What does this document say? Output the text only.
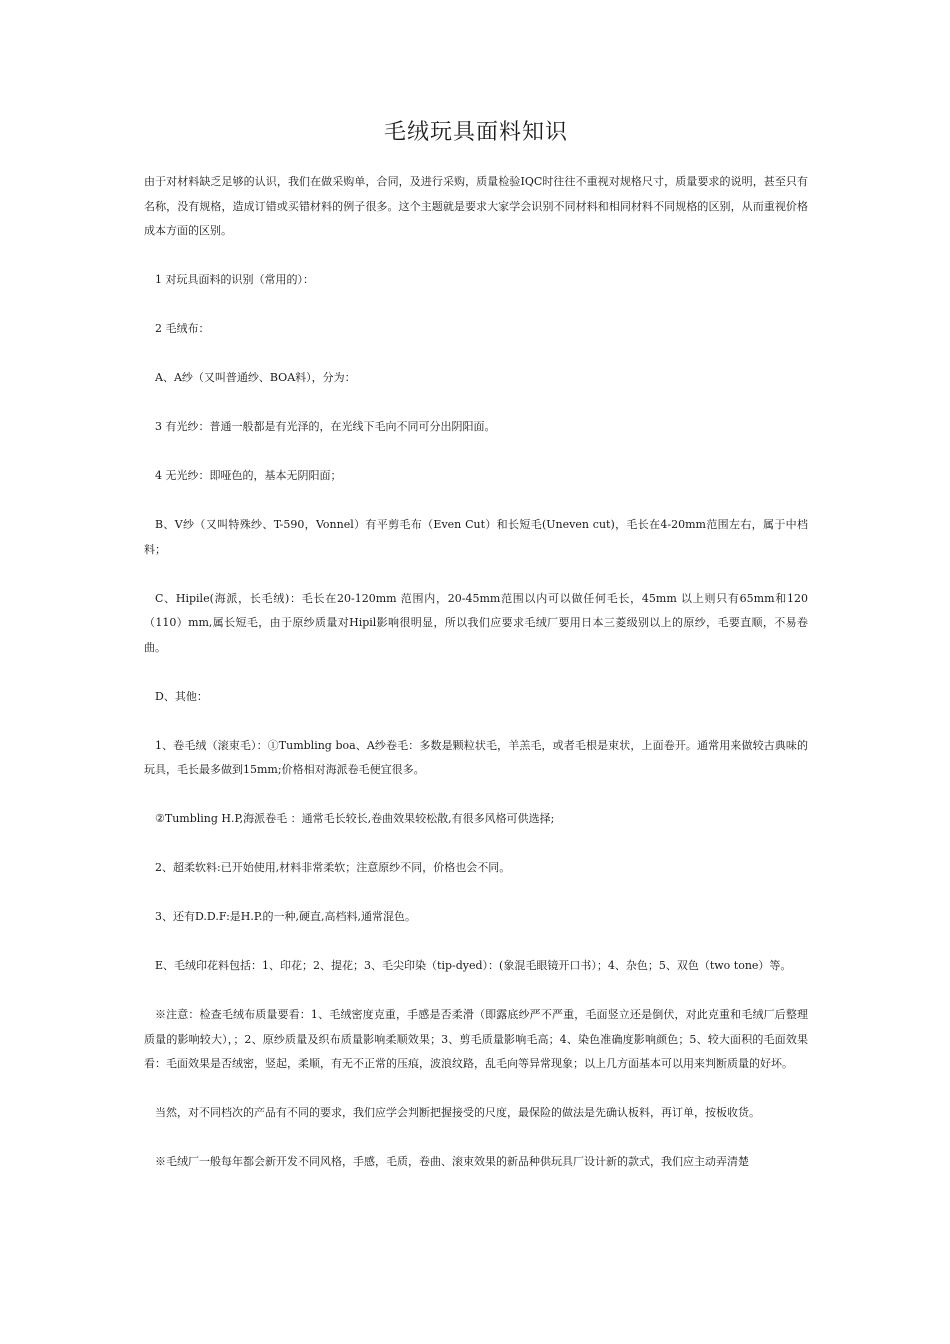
毛绒玩具面料知识

由于对材料缺乏足够的认识，我们在做采购单，合同，及进行采购，质量检验IQC时往往不重视对规格尺寸，质量要求的说明，甚至只有名称，没有规格，造成订错或买错材料的例子很多。这个主题就是要求大家学会识别不同材料和相同材料不同规格的区别，从而重视价格成本方面的区别。

1 对玩具面料的识别（常用的）：

2 毛绒布：

A、A纱（又叫普通纱、BOA料），分为：

3 有光纱：普通一般都是有光泽的，在光线下毛向不同可分出阴阳面。

4 无光纱：即哑色的，基本无阴阳面；

B、V纱（又叫特殊纱、T-590，Vonnel）有平剪毛布（Even Cut）和长短毛(Uneven cut)，毛长在4-20mm范围左右，属于中档料；

C、Hipile(海派，长毛绒)：毛长在20-120mm 范围内，20-45mm范围以内可以做任何毛长，45mm 以上则只有65mm和120（110）mm,属长短毛，由于原纱质量对Hipil影响很明显，所以我们应要求毛绒厂要用日本三菱级别以上的原纱，毛要直顺，不易卷曲。

D、其他：

1、卷毛绒（滚束毛）：①Tumbling boa、A纱卷毛：多数是颗粒状毛，羊羔毛，或者毛根是束状，上面卷开。通常用来做较古典味的玩具，毛长最多做到15mm;价格相对海派卷毛便宜很多。

②Tumbling H.P,海派卷毛 ：通常毛长较长,卷曲效果较松散,有很多风格可供选择;

2、超柔软料:已开始使用,材料非常柔软；注意原纱不同，价格也会不同。

3、还有D.D.F:是H.P.的一种,硬直,高档料,通常混色。

E、毛绒印花料包括：1、印花；2、提花；3、毛尖印染（tip-dyed）：(象混毛眼镜开口书）；4、杂色；5、双色（two tone）等。

※注意：检查毛绒布质量要看：1、毛绒密度克重，手感是否柔滑（即露底纱严不严重，毛面竖立还是倒伏，对此克重和毛绒厂后整理质量的影响较大），；2、原纱质量及织布质量影响柔顺效果；3、剪毛质量影响毛高；4、染色准确度影响颜色；5、较大面积的毛面效果看：毛面效果是否绒密，竖起，柔顺，有无不正常的压痕，波浪纹路，乱毛向等异常现象；以上几方面基本可以用来判断质量的好坏。

当然，对不同档次的产品有不同的要求，我们应学会判断把握接受的尺度，最保险的做法是先确认板料，再订单，按板收货。

※毛绒厂一般每年都会新开发不同风格，手感，毛质，卷曲、滚束效果的新品种供玩具厂设计新的款式，我们应主动弄清楚
